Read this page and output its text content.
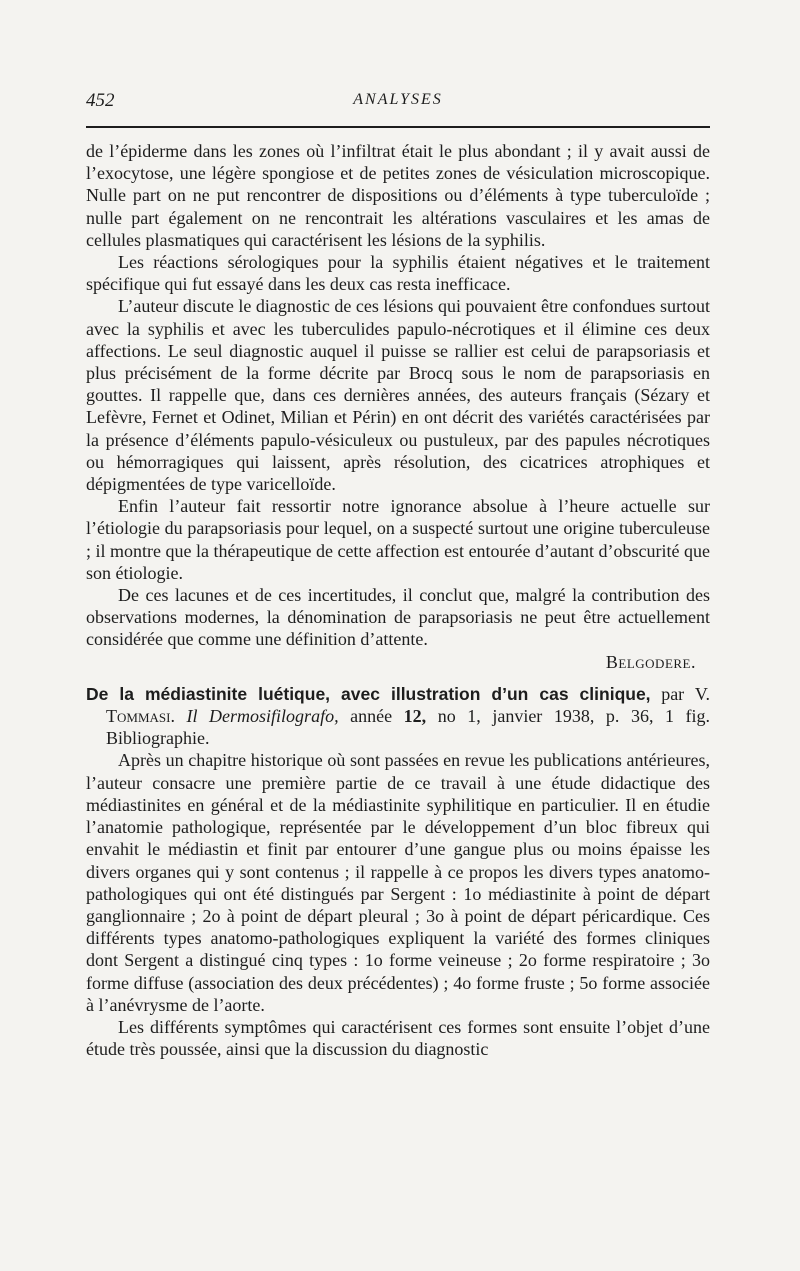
452	ANALYSES

de l’épiderme dans les zones où l’infiltrat était le plus abondant ; il y avait aussi de l’exocytose, une légère spongiose et de petites zones de vésiculation microscopique. Nulle part on ne put rencontrer de dispositions ou d’éléments à type tuberculoïde ; nulle part également on ne rencontrait les altérations vasculaires et les amas de cellules plasmatiques qui caractérisent les lésions de la syphilis.

Les réactions sérologiques pour la syphilis étaient négatives et le traitement spécifique qui fut essayé dans les deux cas resta inefficace.

L’auteur discute le diagnostic de ces lésions qui pouvaient être confondues surtout avec la syphilis et avec les tuberculides papulo-nécrotiques et il élimine ces deux affections. Le seul diagnostic auquel il puisse se rallier est celui de parapsoriasis et plus précisément de la forme décrite par Brocq sous le nom de parapsoriasis en gouttes. Il rappelle que, dans ces dernières années, des auteurs français (Sézary et Lefèvre, Fernet et Odinet, Milian et Périn) en ont décrit des variétés caractérisées par la présence d’éléments papulo-vésiculeux ou pustuleux, par des papules nécrotiques ou hémorragiques qui laissent, après résolution, des cicatrices atrophiques et dépigmentées de type varicelloïde.

Enfin l’auteur fait ressortir notre ignorance absolue à l’heure actuelle sur l’étiologie du parapsoriasis pour lequel, on a suspecté surtout une origine tuberculeuse ; il montre que la thérapeutique de cette affection est entourée d’autant d’obscurité que son étiologie.

De ces lacunes et de ces incertitudes, il conclut que, malgré la contribution des observations modernes, la dénomination de parapsoriasis ne peut être actuellement considérée que comme une définition d’attente.

Belgodere.

De la médiastinite luétique, avec illustration d’un cas clinique, par V. Tommasi. Il Dermosifilografo, année 12, no 1, janvier 1938, p. 36, 1 fig. Bibliographie.

Après un chapitre historique où sont passées en revue les publications antérieures, l’auteur consacre une première partie de ce travail à une étude didactique des médiastinites en général et de la médiastinite syphilitique en particulier. Il en étudie l’anatomie pathologique, représentée par le développement d’un bloc fibreux qui envahit le médiastin et finit par entourer d’une gangue plus ou moins épaisse les divers organes qui y sont contenus ; il rappelle à ce propos les divers types anatomo-pathologiques qui ont été distingués par Sergent : 1o médiastinite à point de départ ganglionnaire ; 2o à point de départ pleural ; 3o à point de départ péricardique. Ces différents types anatomo-pathologiques expliquent la variété des formes cliniques dont Sergent a distingué cinq types : 1o forme veineuse ; 2o forme respiratoire ; 3o forme diffuse (association des deux précédentes) ; 4o forme fruste ; 5o forme associée à l’anévrysme de l’aorte.

Les différents symptômes qui caractérisent ces formes sont ensuite l’objet d’une étude très poussée, ainsi que la discussion du diagnostic
